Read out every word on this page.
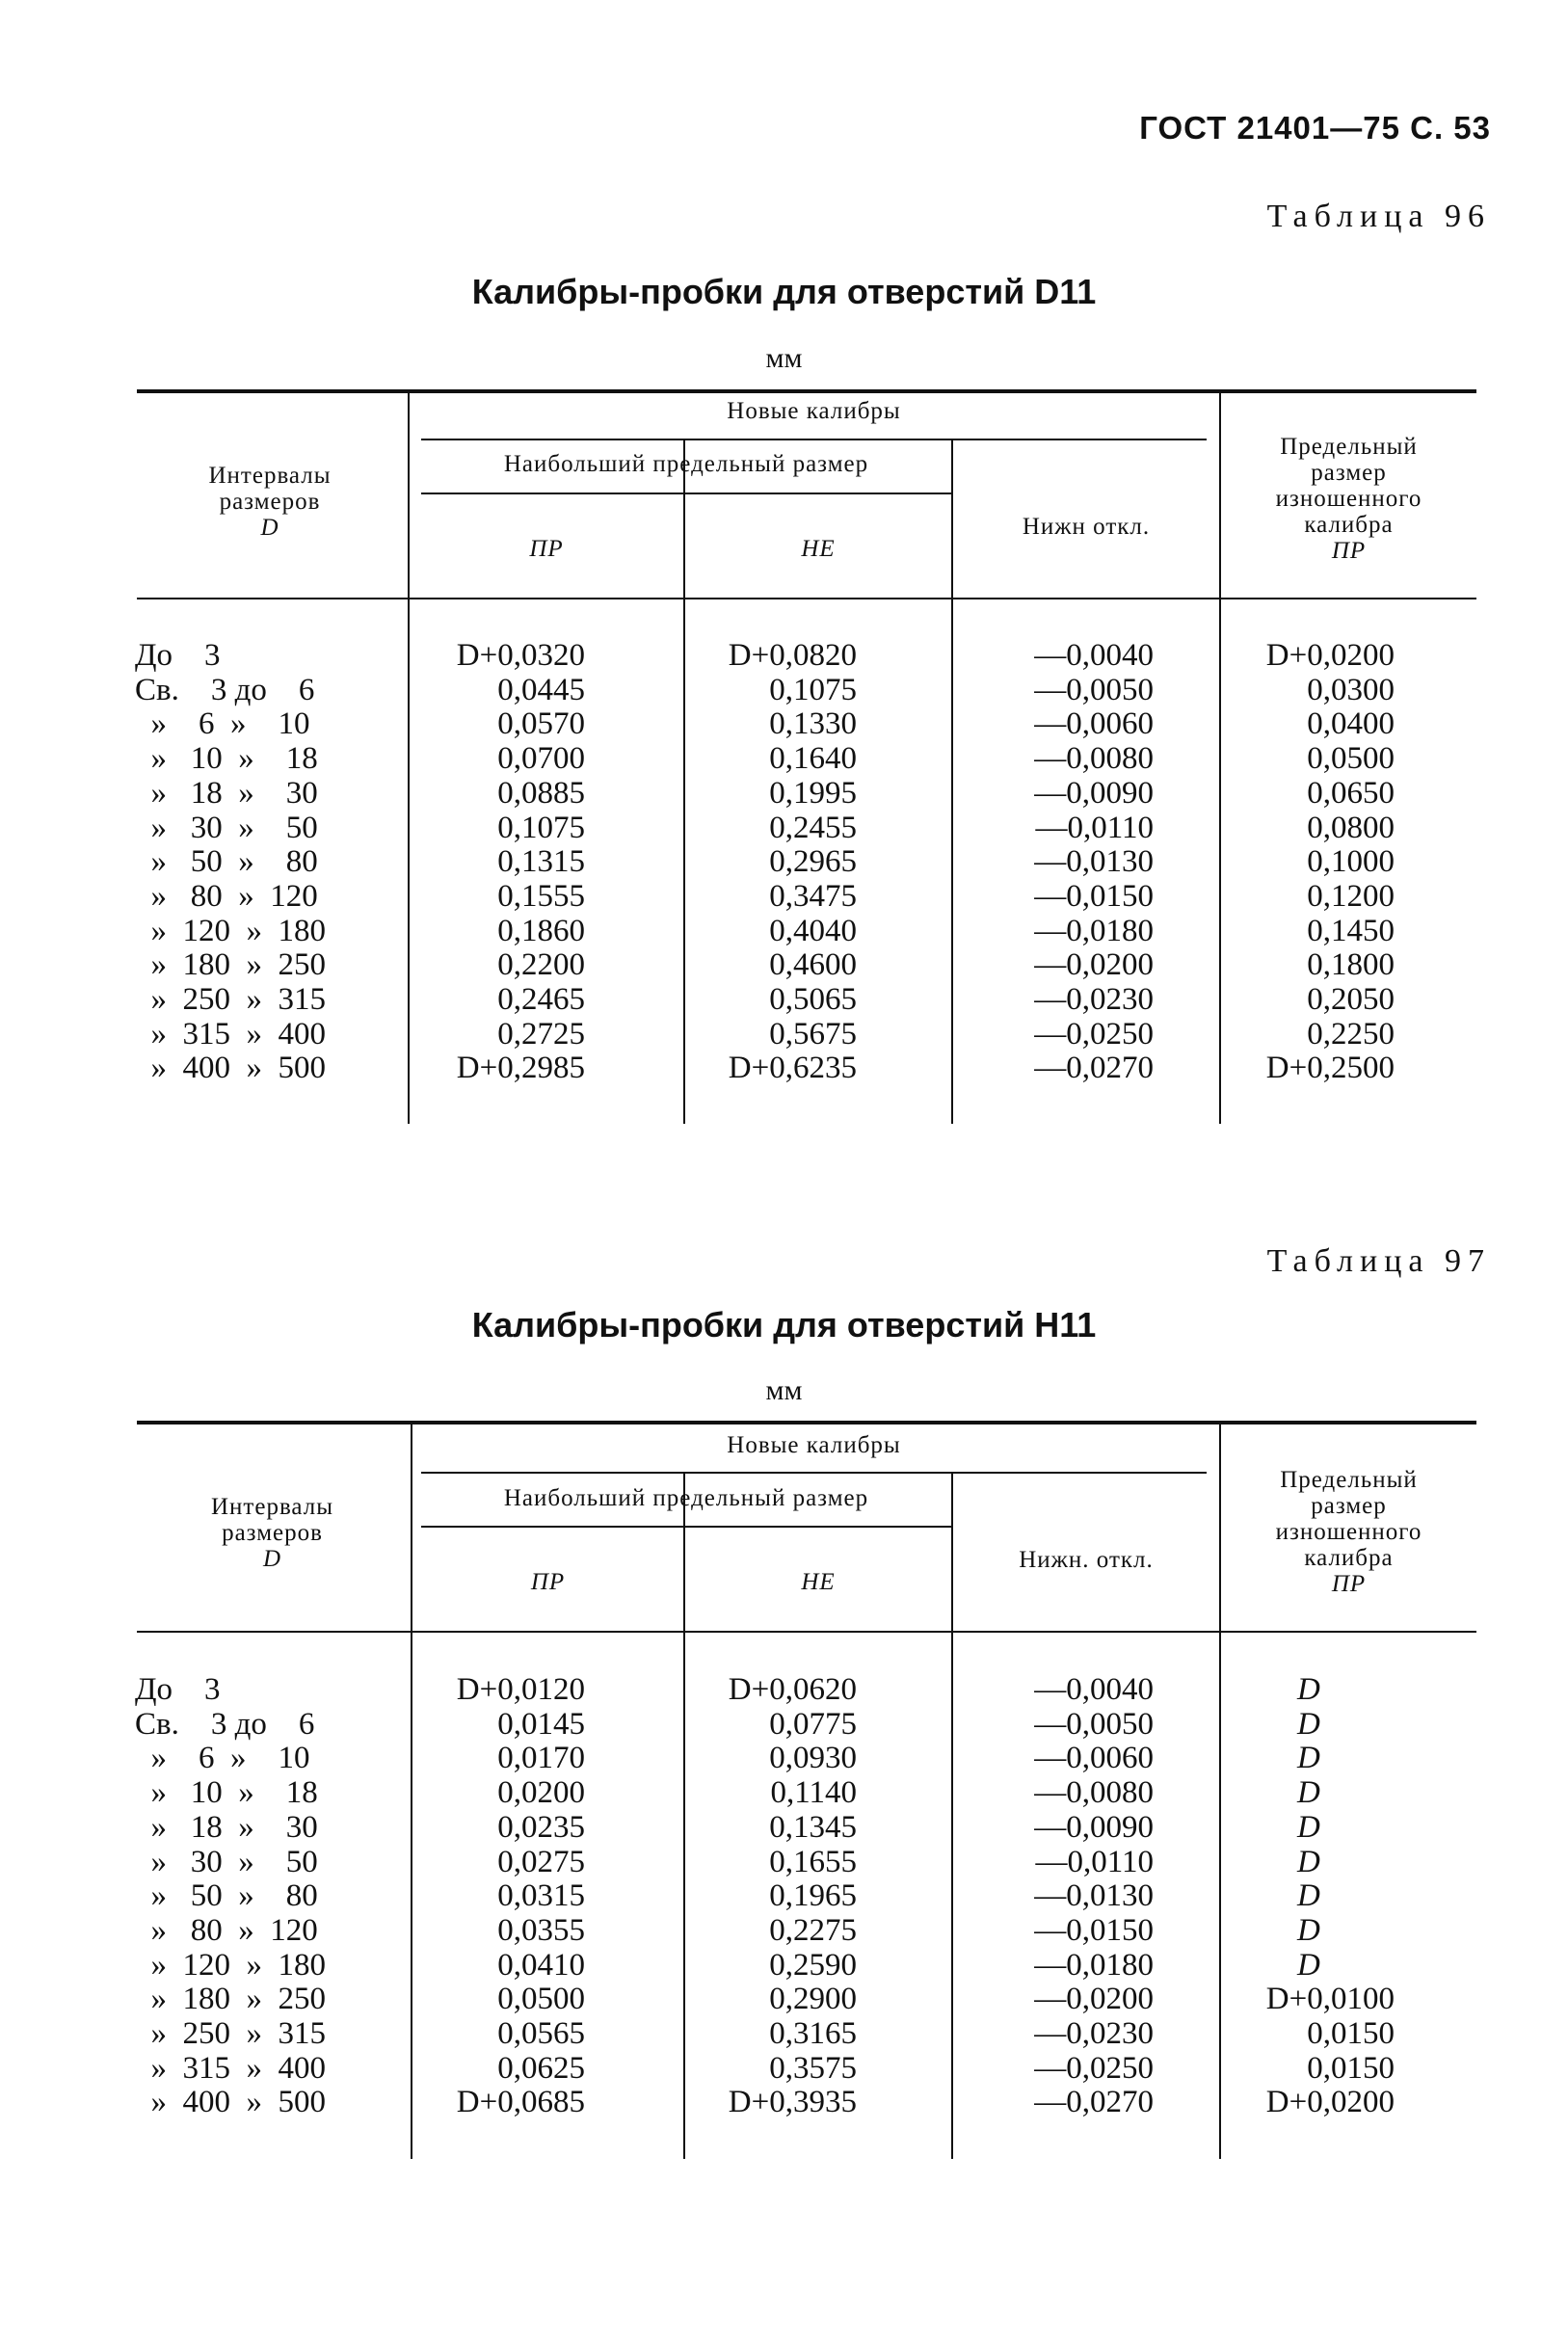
ГОСТ 21401—75 С. 53
Таблица 96
Калибры-пробки для отверстий D11
мм
Интервалы
размеров
D
Новые калибры
Наибольший предельный размер
ПР	НЕ
Нижн откл.
Предельный
размер
изношенного
калибра
ПР
До    3	D+0,0320	D+0,0820	—0,0040	D+0,0200
Св.    3 до    6	0,0445	0,1075	—0,0050	0,0300
»    6  »    10	0,0570	0,1330	—0,0060	0,0400
»   10  »    18	0,0700	0,1640	—0,0080	0,0500
»   18  »    30	0,0885	0,1995	—0,0090	0,0650
»   30  »    50	0,1075	0,2455	—0,0110	0,0800
»   50  »    80	0,1315	0,2965	—0,0130	0,1000
»   80  »  120	0,1555	0,3475	—0,0150	0,1200
»  120  »  180	0,1860	0,4040	—0,0180	0,1450
»  180  »  250	0,2200	0,4600	—0,0200	0,1800
»  250  »  315	0,2465	0,5065	—0,0230	0,2050
»  315  »  400	0,2725	0,5675	—0,0250	0,2250
»  400  »  500	D+0,2985	D+0,6235	—0,0270	D+0,2500
Таблица 97
Калибры-пробки для отверстий Н11
мм
Интервалы
размеров
D
Новые калибры
Наибольший предельный размер
ПР	НЕ
Нижн. откл.
Предельный
размер
изношенного
калибра
ПР
До    3	D+0,0120	D+0,0620	—0,0040	D
Св.    3 до    6	0,0145	0,0775	—0,0050	D
»    6  »    10	0,0170	0,0930	—0,0060	D
»   10  »    18	0,0200	0,1140	—0,0080	D
»   18  »    30	0,0235	0,1345	—0,0090	D
»   30  »    50	0,0275	0,1655	—0,0110	D
»   50  »    80	0,0315	0,1965	—0,0130	D
»   80  »  120	0,0355	0,2275	—0,0150	D
»  120  »  180	0,0410	0,2590	—0,0180	D
»  180  »  250	0,0500	0,2900	—0,0200	D+0,0100
»  250  »  315	0,0565	0,3165	—0,0230	0,0150
»  315  »  400	0,0625	0,3575	—0,0250	0,0150
»  400  »  500	D+0,0685	D+0,3935	—0,0270	D+0,0200
